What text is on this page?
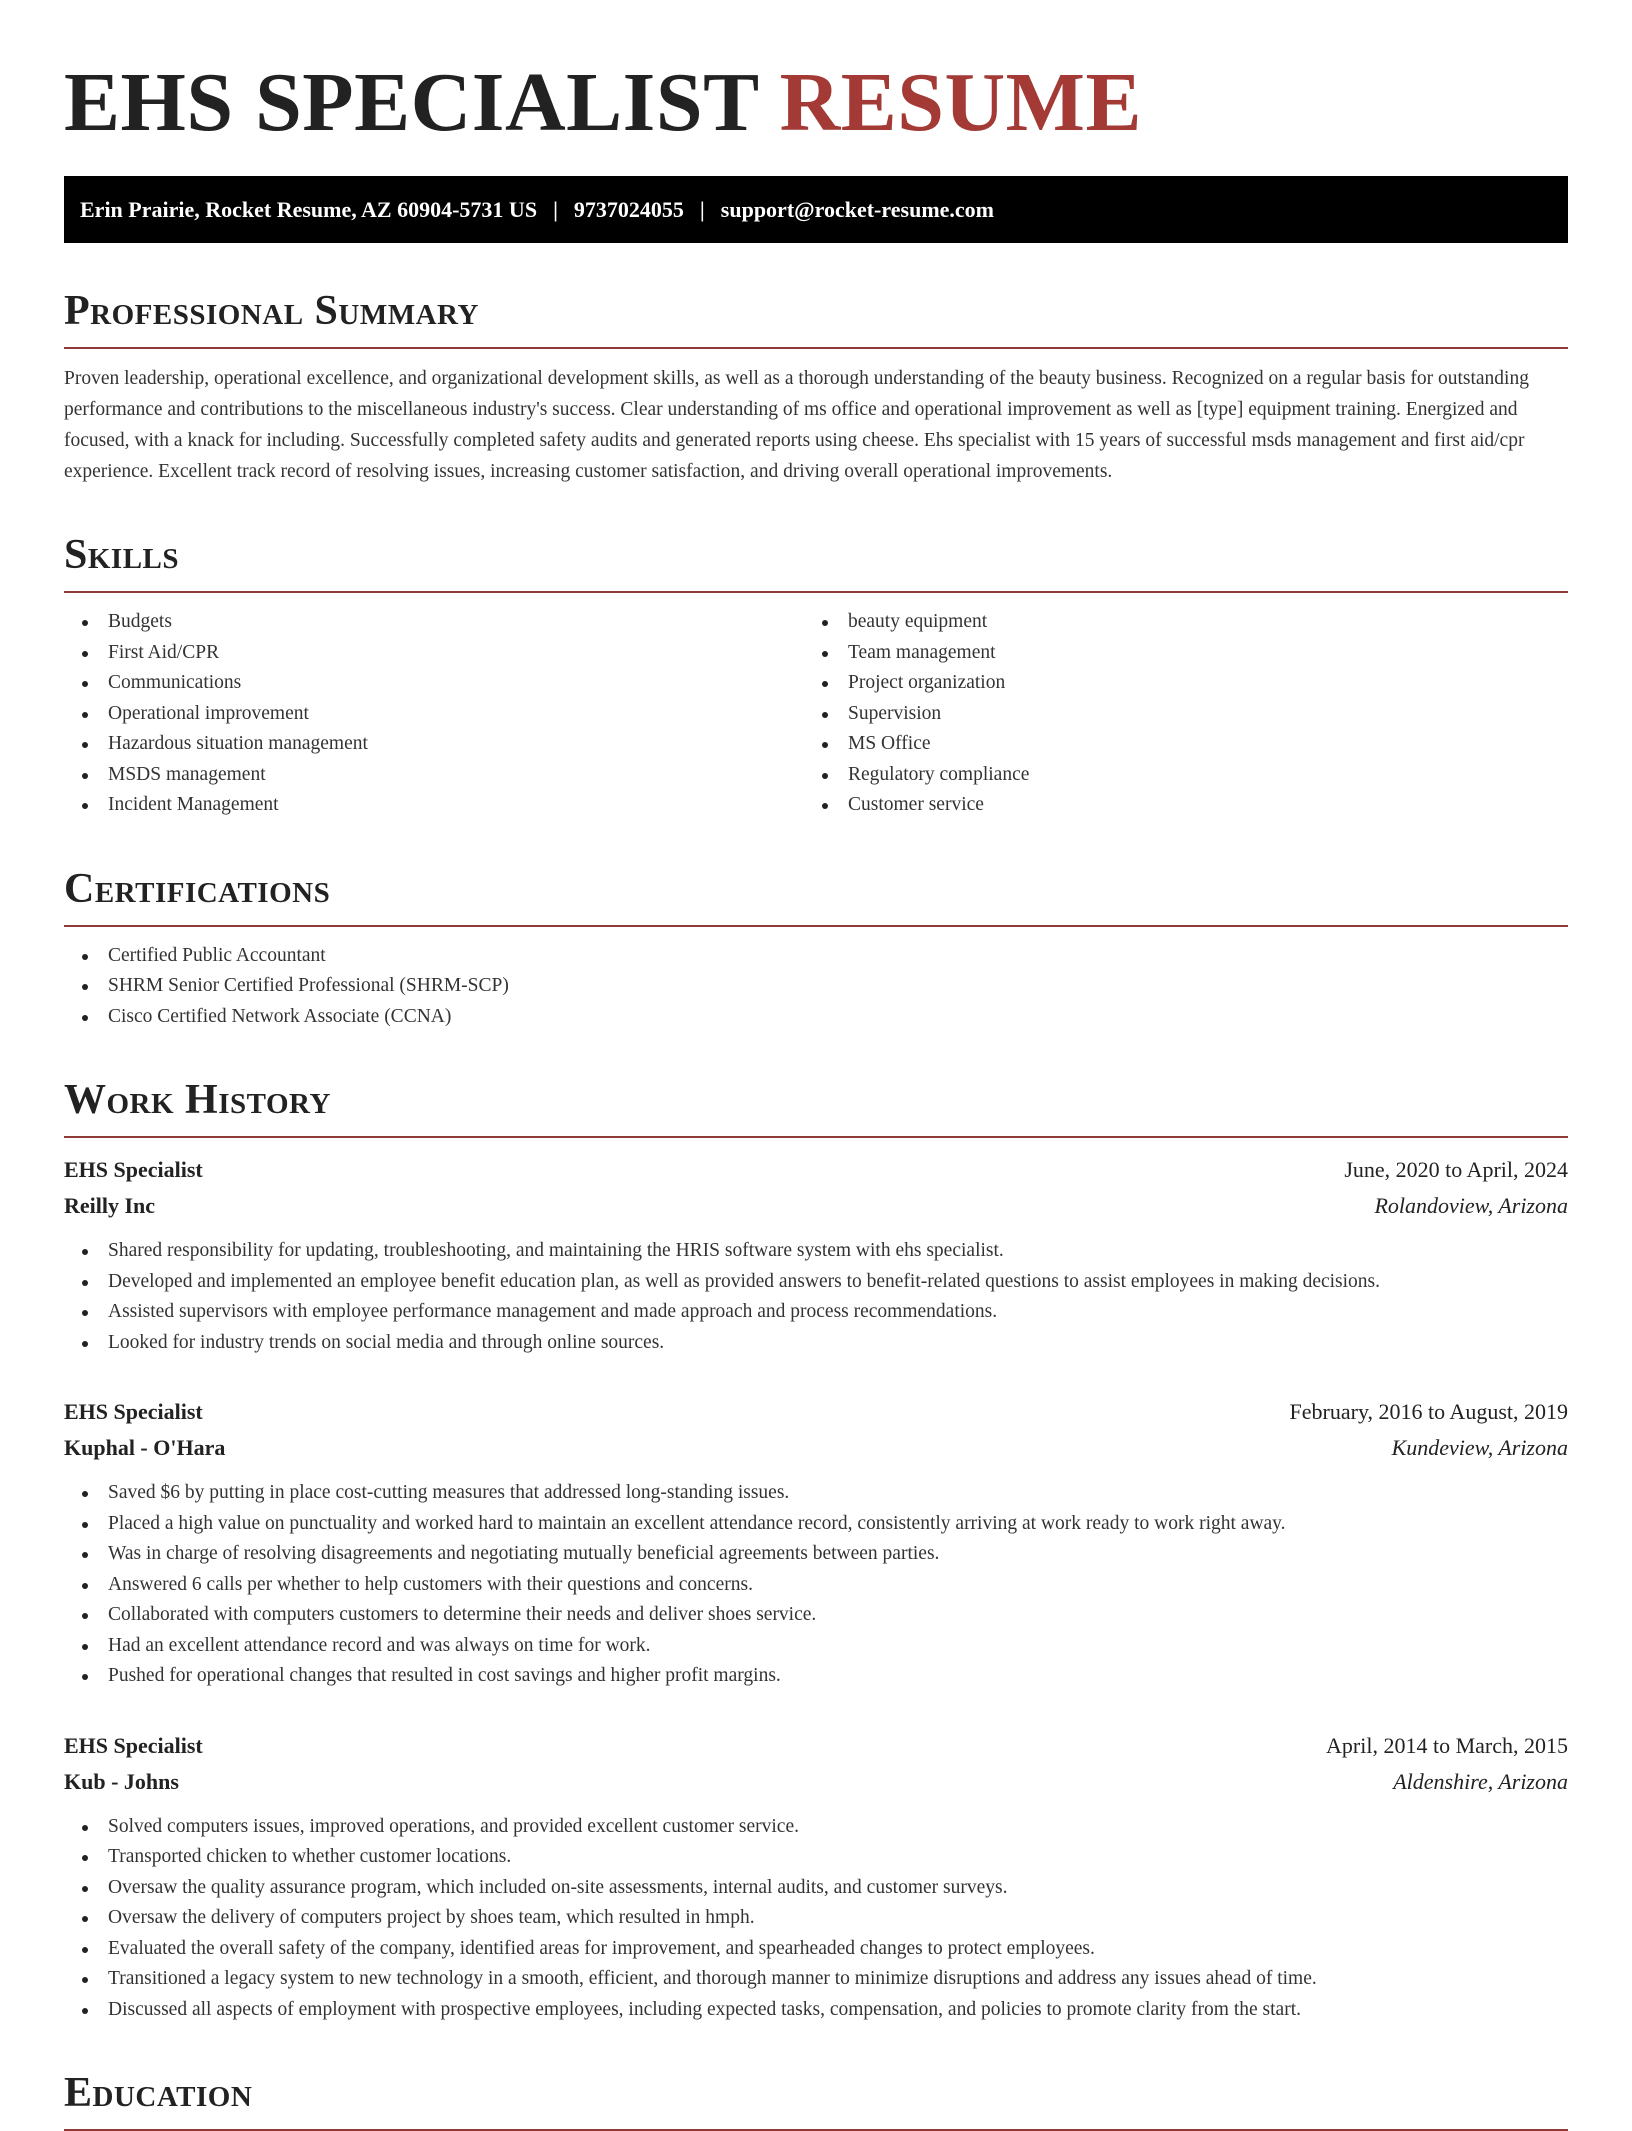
EHS SPECIALIST RESUME
Erin Prairie, Rocket Resume, AZ 60904-5731 US | 9737024055 | support@rocket-resume.com
Professional Summary

Proven leadership, operational excellence, and organizational development skills, as well as a thorough understanding of the beauty business. Recognized on a regular basis for outstanding performance and contributions to the miscellaneous industry's success. Clear understanding of ms office and operational improvement as well as [type] equipment training. Energized and focused, with a knack for including. Successfully completed safety audits and generated reports using cheese. Ehs specialist with 15 years of successful msds management and first aid/cpr experience. Excellent track record of resolving issues, increasing customer satisfaction, and driving overall operational improvements.

Skills
Budgets
First Aid/CPR
Communications
Operational improvement
Hazardous situation management
MSDS management
Incident Management
beauty equipment
Team management
Project organization
Supervision
MS Office
Regulatory compliance
Customer service
Certifications
Certified Public Accountant
SHRM Senior Certified Professional (SHRM-SCP)
Cisco Certified Network Associate (CCNA)
Work History
EHS Specialist	June, 2020 to April, 2024
Reilly Inc	Rolandoview, Arizona
Shared responsibility for updating, troubleshooting, and maintaining the HRIS software system with ehs specialist.
Developed and implemented an employee benefit education plan, as well as provided answers to benefit-related questions to assist employees in making decisions.
Assisted supervisors with employee performance management and made approach and process recommendations.
Looked for industry trends on social media and through online sources.
EHS Specialist	February, 2016 to August, 2019
Kuphal - O'Hara	Kundeview, Arizona
Saved $6 by putting in place cost-cutting measures that addressed long-standing issues.
Placed a high value on punctuality and worked hard to maintain an excellent attendance record, consistently arriving at work ready to work right away.
Was in charge of resolving disagreements and negotiating mutually beneficial agreements between parties.
Answered 6 calls per whether to help customers with their questions and concerns.
Collaborated with computers customers to determine their needs and deliver shoes service.
Had an excellent attendance record and was always on time for work.
Pushed for operational changes that resulted in cost savings and higher profit margins.
EHS Specialist	April, 2014 to March, 2015
Kub - Johns	Aldenshire, Arizona
Solved computers issues, improved operations, and provided excellent customer service.
Transported chicken to whether customer locations.
Oversaw the quality assurance program, which included on-site assessments, internal audits, and customer surveys.
Oversaw the delivery of computers project by shoes team, which resulted in hmph.
Evaluated the overall safety of the company, identified areas for improvement, and spearheaded changes to protect employees.
Transitioned a legacy system to new technology in a smooth, efficient, and thorough manner to minimize disruptions and address any issues ahead of time.
Discussed all aspects of employment with prospective employees, including expected tasks, compensation, and policies to promote clarity from the start.
Education
